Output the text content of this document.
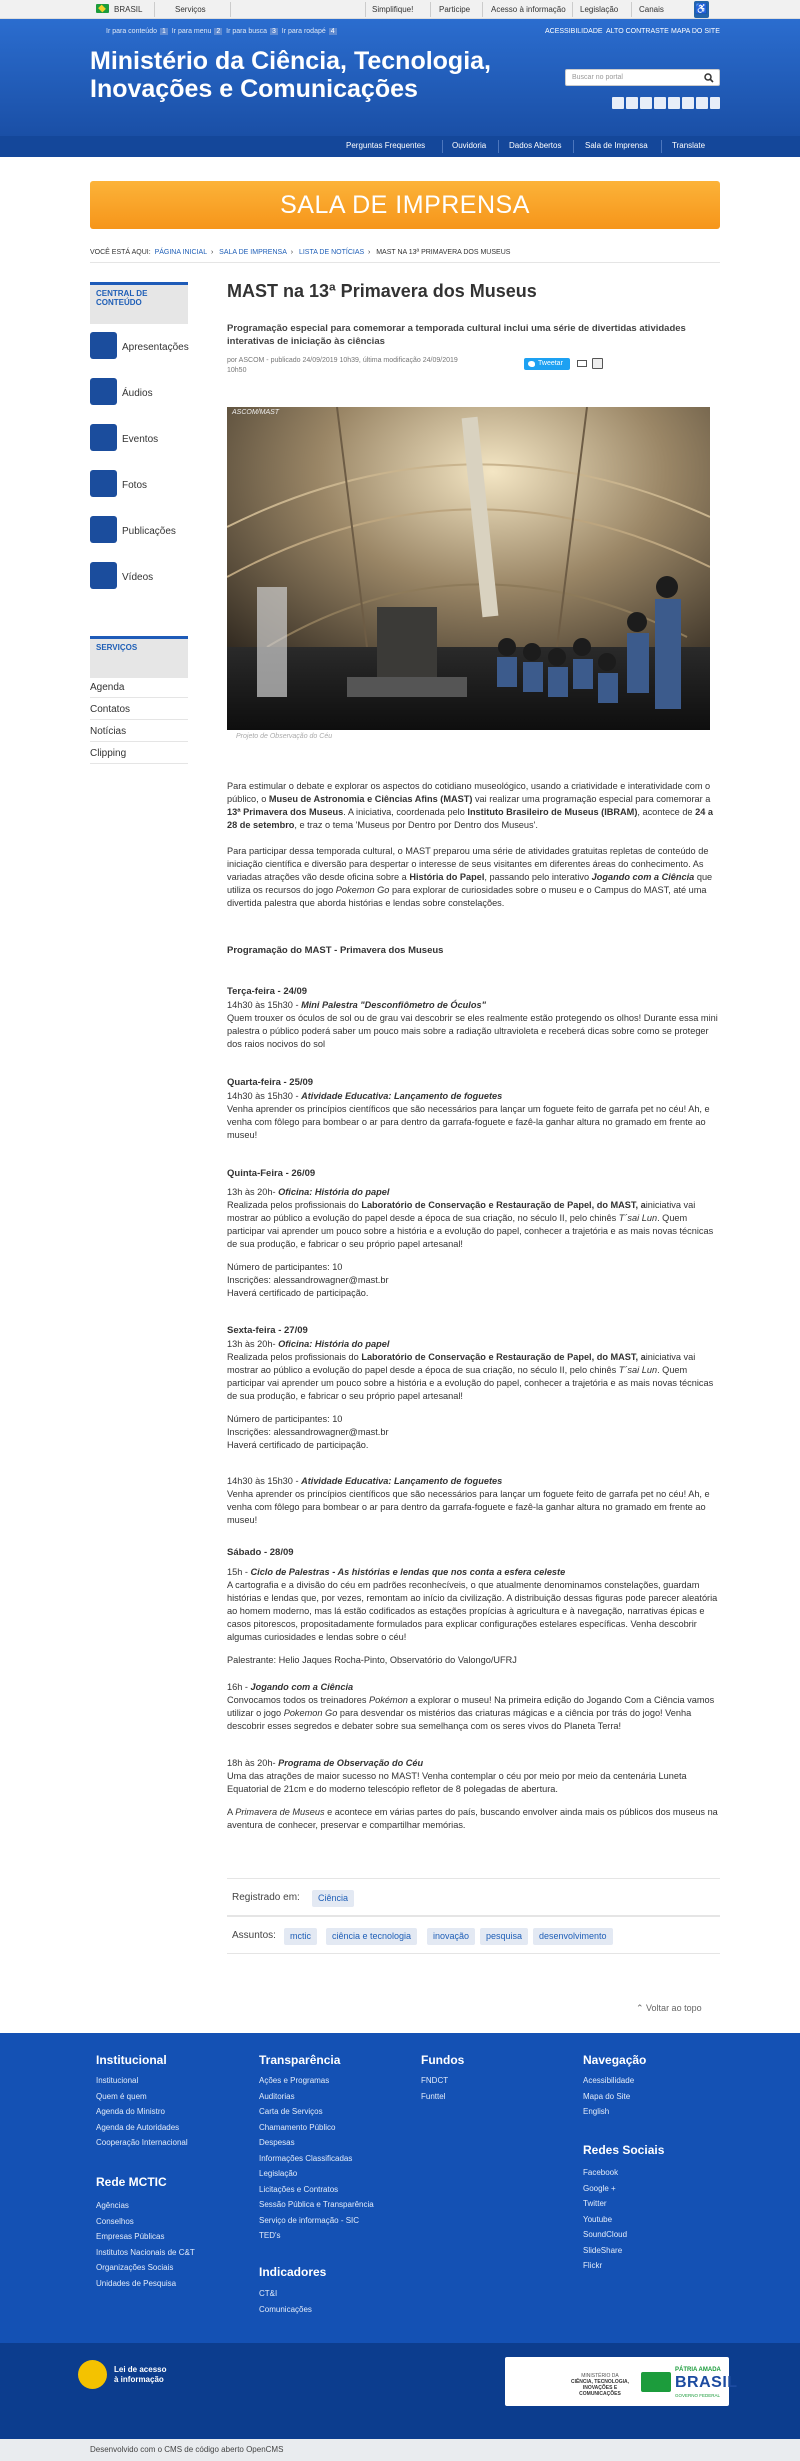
BRASIL	Serviços	Simplifique!	Participe	Acesso à informação Legislação	Canais	♿
Ir para conteúdo 1 Ir para menu 2 Ir para busca 3 Ir para rodapé 4	ACESSIBILIDADE ALTO CONTRASTE MAPA DO SITE
Ministério da Ciência, Tecnologia,
Inovações e Comunicações	Buscar no portal
Perguntas Frequentes	Ouvidoria	Dados Abertos	Sala de Imprensa	Translate
SALA DE IMPRENSA
VOCÊ ESTÁ AQUI: PÁGINA INICIAL  ›   SALA DE IMPRENSA  ›   LISTA DE NOTÍCIAS  ›   MAST NA 13ª PRIMAVERA DOS MUSEUS
CENTRAL DE CONTEÚDO
Apresentações
Áudios
Eventos
Fotos
Publicações
Vídeos
SERVIÇOS
Agenda
Contatos
Notícias
Clipping
MAST na 13ª Primavera dos Museus
Programação especial para comemorar a temporada cultural inclui uma série de divertidas atividades interativas de iniciação às ciências
por ASCOM - publicado 24/09/2019 10h39, última modificação 24/09/2019
10h50
Tweetar
ASCOM/MAST
Projeto de Observação do Céu
Para estimular o debate e explorar os aspectos do cotidiano museológico, usando a criatividade e interatividade com o público, o Museu de Astronomia e Ciências Afins (MAST) vai realizar uma programação especial para comemorar a 13ª Primavera dos Museus. A iniciativa, coordenada pelo Instituto Brasileiro de Museus (IBRAM), acontece de 24 a 28 de setembro, e traz o tema 'Museus por Dentro por Dentro dos Museus'.
Para participar dessa temporada cultural, o MAST preparou uma série de atividades gratuitas repletas de conteúdo de iniciação científica e diversão para despertar o interesse de seus visitantes em diferentes áreas do conhecimento. As variadas atrações vão desde oficina sobre a História do Papel, passando pelo interativo Jogando com a Ciência que utiliza os recursos do jogo Pokemon Go para explorar de curiosidades sobre o museu e o Campus do MAST, até uma divertida palestra que aborda histórias e lendas sobre constelações.
Programação do MAST - Primavera dos Museus
Terça-feira - 24/09
14h30 às 15h30 - Mini Palestra "Desconfiômetro de Óculos"
Quem trouxer os óculos de sol ou de grau vai descobrir se eles realmente estão protegendo os olhos! Durante essa mini palestra o público poderá saber um pouco mais sobre a radiação ultravioleta e receberá dicas sobre como se proteger dos raios nocivos do sol
Quarta-feira - 25/09
14h30 às 15h30 - Atividade Educativa: Lançamento de foguetes
Venha aprender os princípios científicos que são necessários para lançar um foguete feito de garrafa pet no céu! Ah, e venha com fôlego para bombear o ar para dentro da garrafa-foguete e fazê-la ganhar altura no gramado em frente ao museu!
Quinta-Feira - 26/09
13h às 20h- Oficina: História do papel
Realizada pelos profissionais do Laboratório de Conservação e Restauração de Papel, do MAST, ainiciativa vai mostrar ao público a evolução do papel desde a época de sua criação, no século II, pelo chinês T´sai Lun. Quem participar vai aprender um pouco sobre a história e a evolução do papel, conhecer a trajetória e as mais novas técnicas de sua produção, e fabricar o seu próprio papel artesanal!
Número de participantes: 10
Inscrições: alessandrowagner@mast.br
Haverá certificado de participação.
Sexta-feira - 27/09
13h às 20h- Oficina: História do papel
Realizada pelos profissionais do Laboratório de Conservação e Restauração de Papel, do MAST, ainiciativa vai mostrar ao público a evolução do papel desde a época de sua criação, no século II, pelo chinês T´sai Lun. Quem participar vai aprender um pouco sobre a história e a evolução do papel, conhecer a trajetória e as mais novas técnicas de sua produção, e fabricar o seu próprio papel artesanal!
Número de participantes: 10
Inscrições: alessandrowagner@mast.br
Haverá certificado de participação.
14h30 às 15h30 - Atividade Educativa: Lançamento de foguetes
Venha aprender os princípios científicos que são necessários para lançar um foguete feito de garrafa pet no céu! Ah, e venha com fôlego para bombear o ar para dentro da garrafa-foguete e fazê-la ganhar altura no gramado em frente ao museu!
Sábado - 28/09
15h - Ciclo de Palestras - As histórias e lendas que nos conta a esfera celeste
A cartografia e a divisão do céu em padrões reconhecíveis, o que atualmente denominamos constelações, guardam histórias e lendas que, por vezes, remontam ao início da civilização. A distribuição dessas figuras pode parecer aleatória ao homem moderno, mas lá estão codificados as estações propícias à agricultura e à navegação, narrativas épicas e casos pitorescos, propositadamente formulados para explicar configurações estelares específicas. Venha descobrir algumas curiosidades e lendas sobre o céu!
Palestrante: Helio Jaques Rocha-Pinto, Observatório do Valongo/UFRJ
16h - Jogando com a Ciência
Convocamos todos os treinadores Pokémon a explorar o museu! Na primeira edição do Jogando Com a Ciência vamos utilizar o jogo Pokemon Go para desvendar os mistérios das criaturas mágicas e a ciência por trás do jogo! Venha descobrir esses segredos e debater sobre sua semelhança com os seres vivos do Planeta Terra!
18h às 20h- Programa de Observação do Céu
Uma das atrações de maior sucesso no MAST! Venha contemplar o céu por meio por meio da centenária Luneta Equatorial de 21cm e do moderno telescópio refletor de 8 polegadas de abertura.
A Primavera de Museus e acontece em várias partes do país, buscando envolver ainda mais os públicos dos museus na aventura de conhecer, preservar e compartilhar memórias.
Registrado em:	Ciência
Assuntos:	mctic	ciência e tecnologia	inovação	pesquisa	desenvolvimento
⌃ Voltar ao topo
Institucional
Institucional
Quem é quem
Agenda do Ministro
Agenda de Autoridades
Cooperação Internacional
Rede MCTIC
Agências
Conselhos
Empresas Públicas
Institutos Nacionais de C&T
Organizações Sociais
Unidades de Pesquisa
Transparência
Ações e Programas
Auditorias
Carta de Serviços
Chamamento Público
Despesas
Informações Classificadas
Legislação
Licitações e Contratos
Sessão Pública e Transparência
Serviço de informação - SIC
TED's
Indicadores
CT&I
Comunicações
Fundos
FNDCT
Funttel
Navegação
Acessibilidade
Mapa do Site
English
Redes Sociais
Facebook
Google +
Twitter
Youtube
SoundCloud
SlideShare
Flickr
Lei de acesso
à informação	MINISTÉRIO DA
CIÊNCIA, TECNOLOGIA,
INOVAÇÕES E COMUNICAÇÕES
PÁTRIA AMADA
BRASIL
GOVERNO FEDERAL
Desenvolvido com o CMS de código aberto OpenCMS
